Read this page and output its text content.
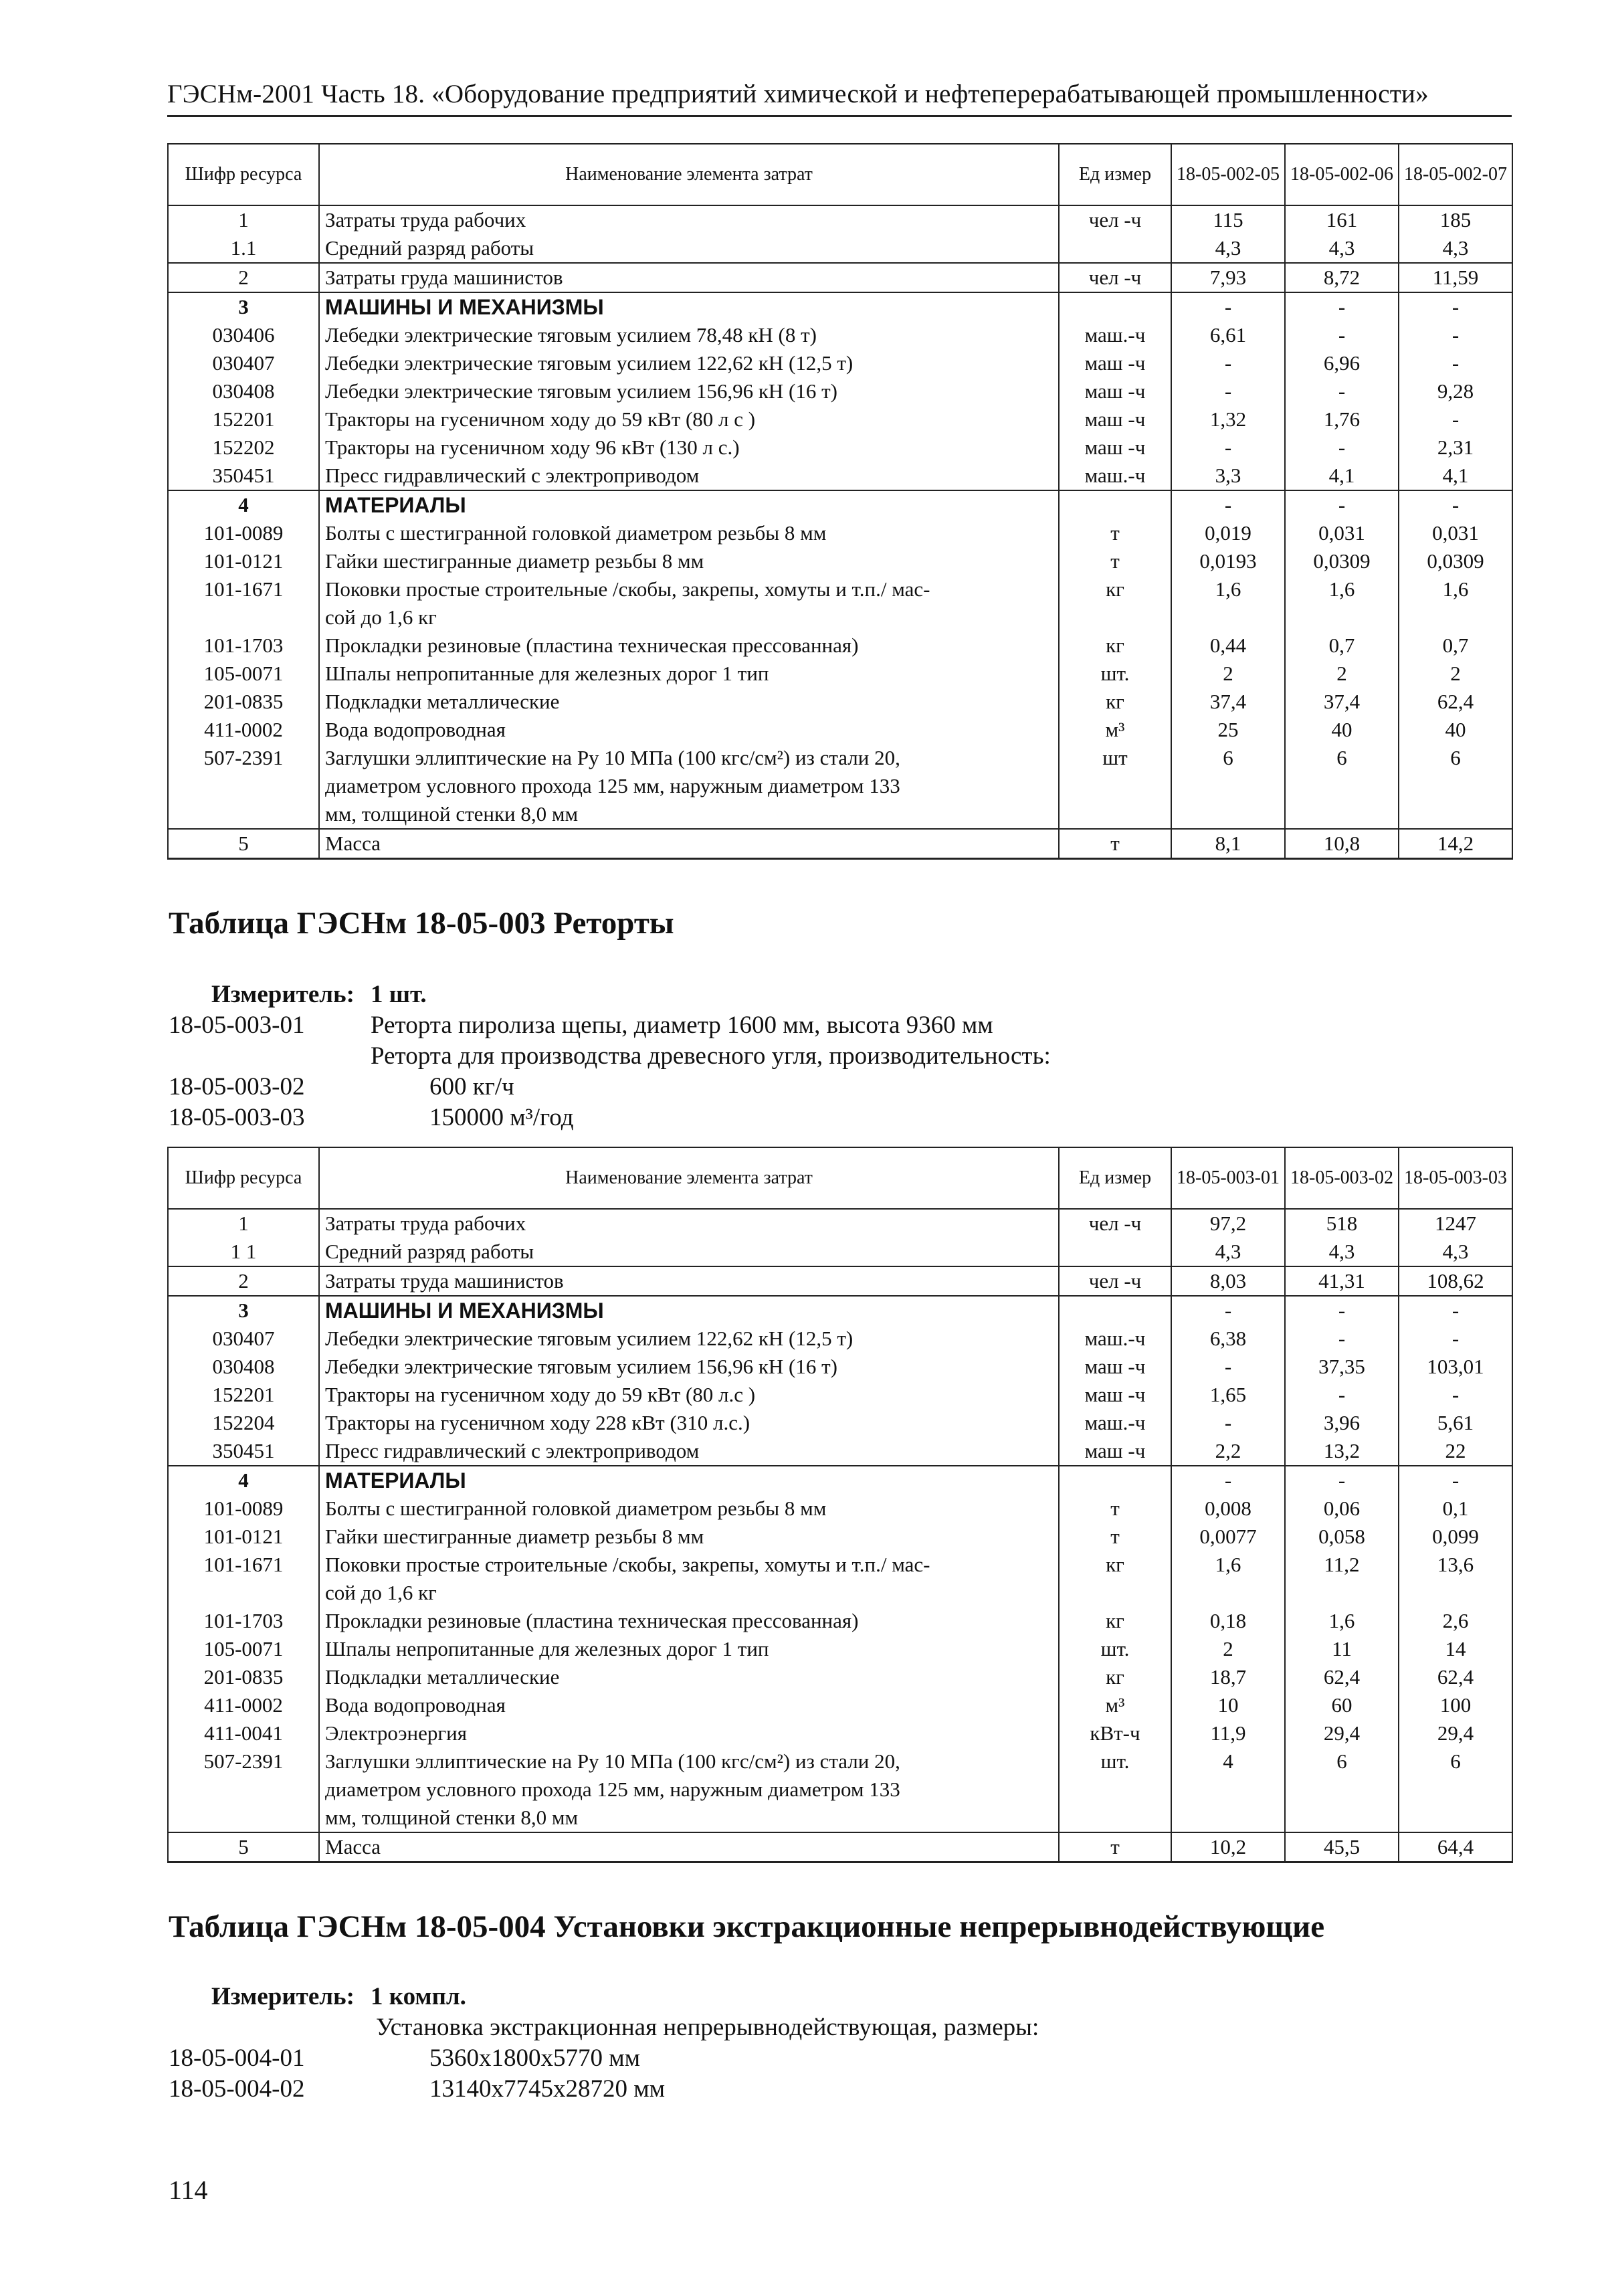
ГЭСНм-2001 Часть 18. «Оборудование предприятий химической и нефтеперерабатывающей промышленности»
Шифр ресурса	Наименование элемента затрат	Ед измер	18-05-002-05	18-05-002-06	18-05-002-07
1	Затраты труда рабочих	чел -ч	115	161	185
1.1	Средний разряд работы		4,3	4,3	4,3
2	Затраты груда машинистов	чел -ч	7,93	8,72	11,59
3	МАШИНЫ И МЕХАНИЗМЫ		-	-	-
030406	Лебедки электрические тяговым усилием 78,48 кН (8 т)	маш.-ч	6,61	-	-
030407	Лебедки электрические тяговым усилием 122,62 кН (12,5 т)	маш -ч	-	6,96	-
030408	Лебедки электрические тяговым усилием 156,96 кН (16 т)	маш -ч	-	-	9,28
152201	Тракторы на гусеничном ходу до 59 кВт (80 л с )	маш -ч	1,32	1,76	-
152202	Тракторы на гусеничном ходу 96 кВт (130 л с.)	маш -ч	-	-	2,31
350451	Пресс гидравлический с электроприводом	маш.-ч	3,3	4,1	4,1
4	МАТЕРИАЛЫ		-	-	-
101-0089	Болты с шестигранной головкой диаметром резьбы 8 мм	т	0,019	0,031	0,031
101-0121	Гайки шестигранные диаметр резьбы 8 мм	т	0,0193	0,0309	0,0309
101-1671	Поковки простые строительные /скобы, закрепы, хомуты и т.п./ мас-
сой до 1,6 кг	кг	1,6	1,6	1,6
101-1703	Прокладки резиновые (пластина техническая прессованная)	кг	0,44	0,7	0,7
105-0071	Шпалы непропитанные для железных дорог 1 тип	шт.	2	2	2
201-0835	Подкладки металлические	кг	37,4	37,4	62,4
411-0002	Вода водопроводная	м³	25	40	40
507-2391	Заглушки эллиптические на Ру 10 МПа (100 кгс/см²) из стали 20,
диаметром условного прохода 125 мм, наружным диаметром 133
мм, толщиной стенки 8,0 мм	шт	6	6	6
5	Масса	т	8,1	10,8	14,2
Таблица ГЭСНм 18-05-003 Реторты
Измеритель: 1 шт.
18-05-003-01	Реторта пиролиза щепы, диаметр 1600 мм, высота 9360 мм
Реторта для производства древесного угля, производительность:
18-05-003-02	600 кг/ч
18-05-003-03	150000 м³/год
Шифр ресурса	Наименование элемента затрат	Ед измер	18-05-003-01	18-05-003-02	18-05-003-03
1	Затраты труда рабочих	чел -ч	97,2	518	1247
1 1	Средний разряд работы		4,3	4,3	4,3
2	Затраты труда машинистов	чел -ч	8,03	41,31	108,62
3	МАШИНЫ И МЕХАНИЗМЫ		-	-	-
030407	Лебедки электрические тяговым усилием 122,62 кН (12,5 т)	маш.-ч	6,38	-	-
030408	Лебедки электрические тяговым усилием 156,96 кН (16 т)	маш -ч	-	37,35	103,01
152201	Тракторы на гусеничном ходу до 59 кВт (80 л.с )	маш -ч	1,65	-	-
152204	Тракторы на гусеничном ходу 228 кВт (310 л.с.)	маш.-ч	-	3,96	5,61
350451	Пресс гидравлический с электроприводом	маш -ч	2,2	13,2	22
4	МАТЕРИАЛЫ		-	-	-
101-0089	Болты с шестигранной головкой диаметром резьбы 8 мм	т	0,008	0,06	0,1
101-0121	Гайки шестигранные диаметр резьбы 8 мм	т	0,0077	0,058	0,099
101-1671	Поковки простые строительные /скобы, закрепы, хомуты и т.п./ мас-
сой до 1,6 кг	кг	1,6	11,2	13,6
101-1703	Прокладки резиновые (пластина техническая прессованная)	кг	0,18	1,6	2,6
105-0071	Шпалы непропитанные для железных дорог 1 тип	шт.	2	11	14
201-0835	Подкладки металлические	кг	18,7	62,4	62,4
411-0002	Вода водопроводная	м³	10	60	100
411-0041	Электроэнергия	кВт-ч	11,9	29,4	29,4
507-2391	Заглушки эллиптические на Ру 10 МПа (100 кгс/см²) из стали 20,
диаметром условного прохода 125 мм, наружным диаметром 133
мм, толщиной стенки 8,0 мм	шт.	4	6	6
5	Масса	т	10,2	45,5	64,4
Таблица ГЭСНм 18-05-004 Установки экстракционные непрерывнодействующие
Измеритель: 1 компл.
Установка экстракционная непрерывнодействующая, размеры:
18-05-004-01	5360x1800x5770 мм
18-05-004-02	13140x7745x28720 мм
114
